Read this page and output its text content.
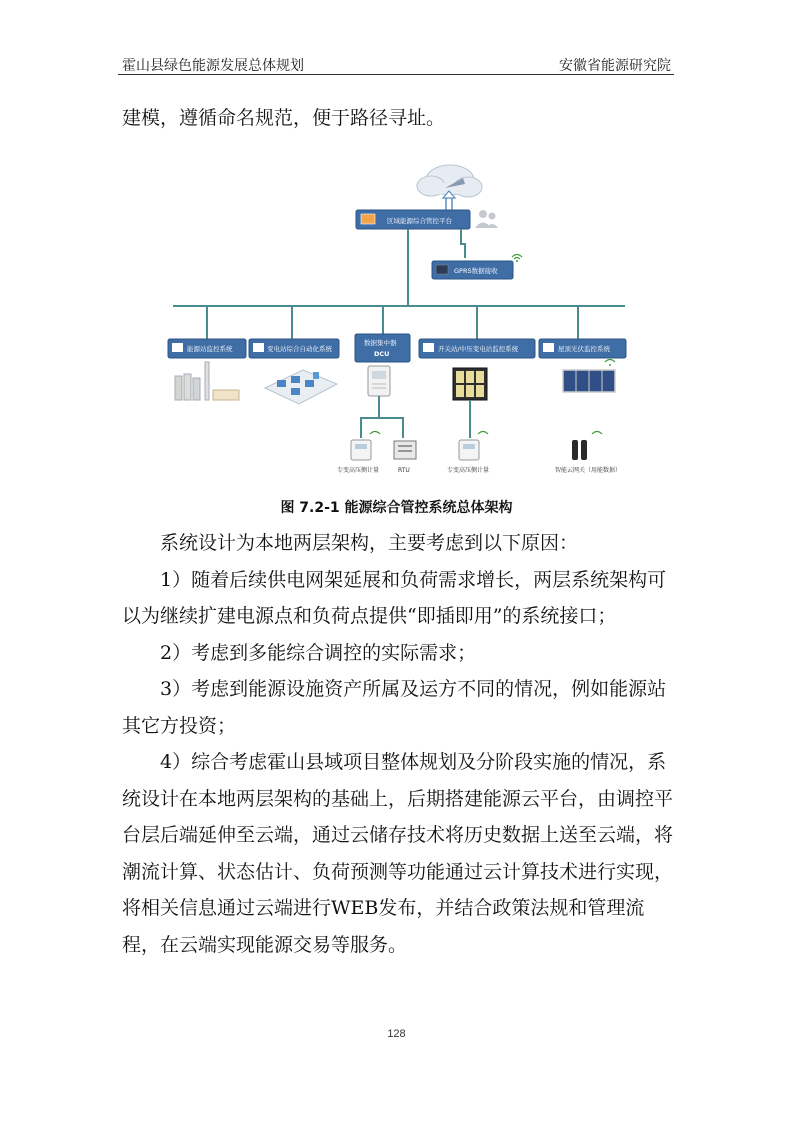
霍山县绿色能源发展总体规划	安徽省能源研究院

建模，遵循命名规范，便于路径寻址。

区域能源综合管控平台
GPRS数据接收
能源站监控系统	变电站综合自动化系统
数据集中器
DCU
开关站/中压变电站监控系统	屋顶光伏监控系统
专变高压侧计量	RTU	专变高压侧计量	智能云网关（用能数据）
图 7.2-1 能源综合管控系统总体架构

系统设计为本地两层架构，主要考虑到以下原因：

1）随着后续供电网架延展和负荷需求增长，两层系统架构可以为继续扩建电源点和负荷点提供“即插即用”的系统接口；

2）考虑到多能综合调控的实际需求；

3）考虑到能源设施资产所属及运方不同的情况，例如能源站其它方投资；

4）综合考虑霍山县域项目整体规划及分阶段实施的情况，系统设计在本地两层架构的基础上，后期搭建能源云平台，由调控平台层后端延伸至云端，通过云储存技术将历史数据上送至云端，将潮流计算、状态估计、负荷预测等功能通过云计算技术进行实现，将相关信息通过云端进行WEB发布，并结合政策法规和管理流程，在云端实现能源交易等服务。

128
